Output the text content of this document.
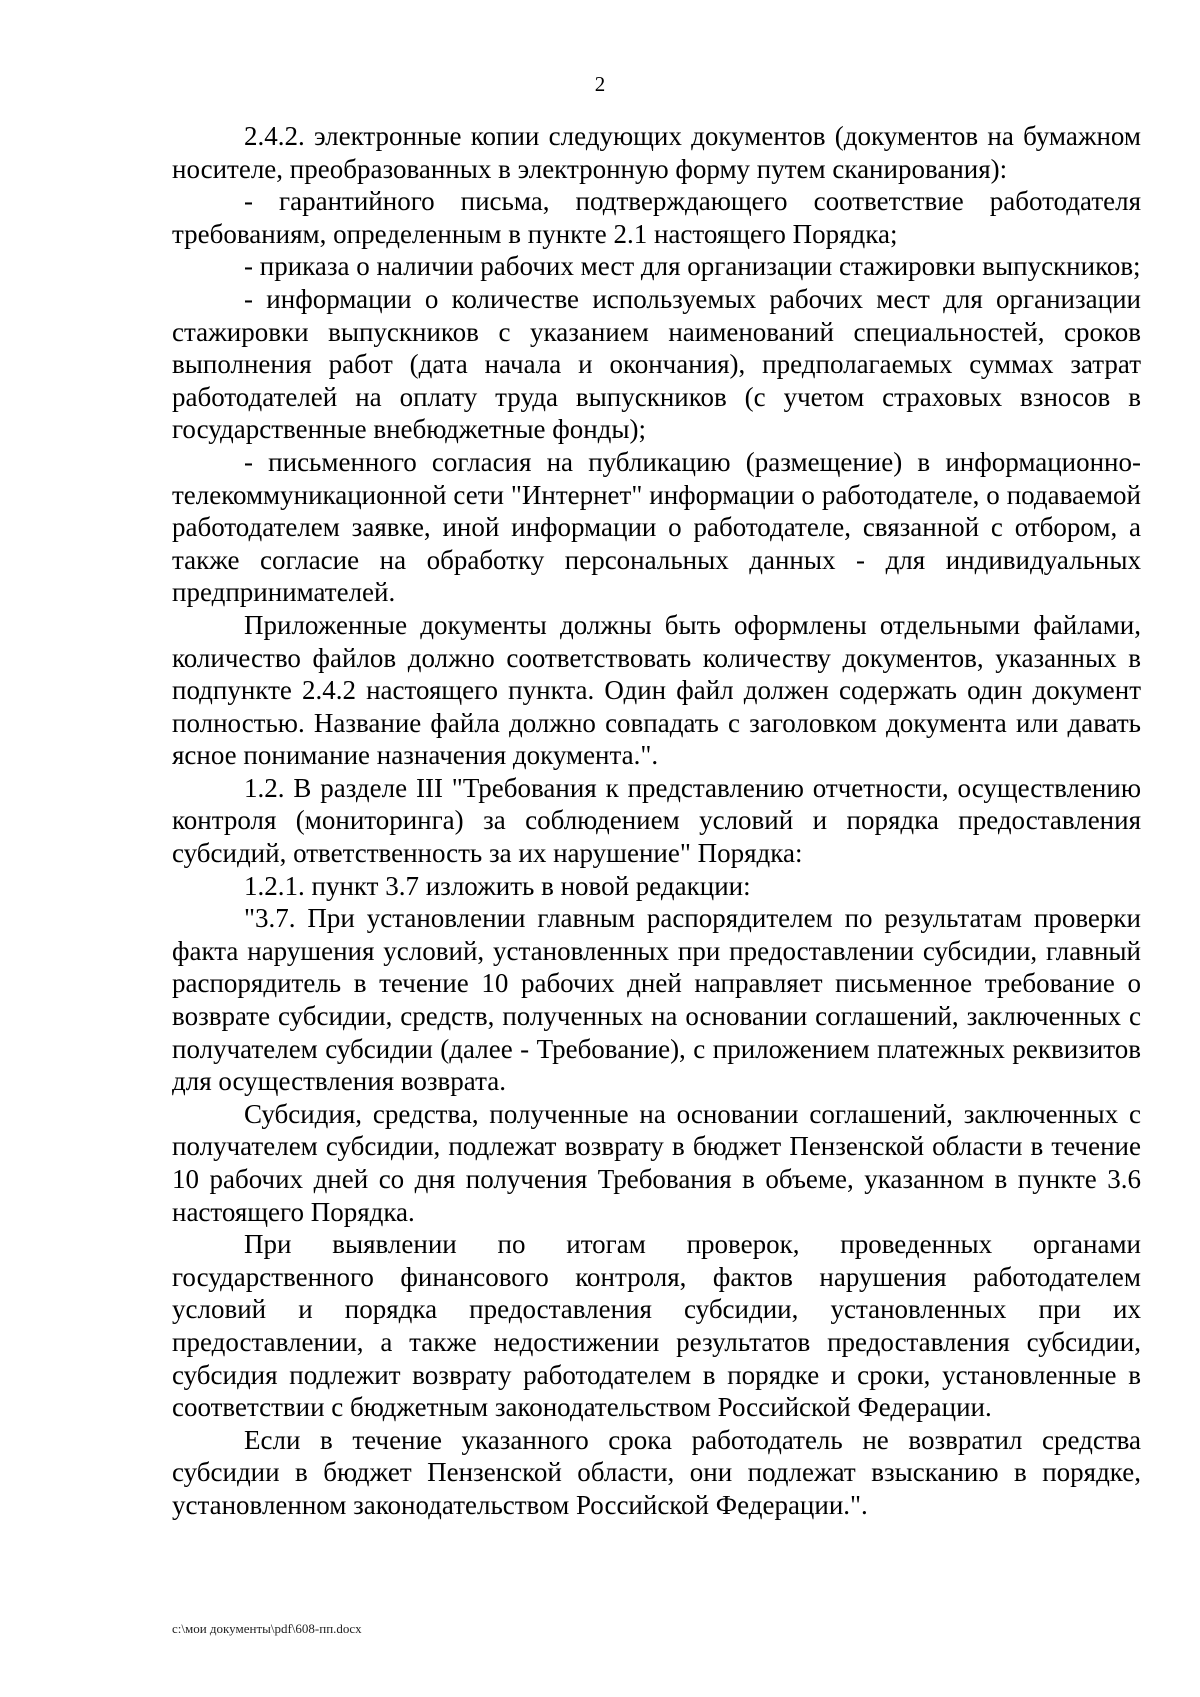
2

2.4.2. электронные копии следующих документов (документов на бумажном носителе, преобразованных в электронную форму путем сканирования):

- гарантийного письма, подтверждающего соответствие работодателя требованиям, определенным в пункте 2.1 настоящего Порядка;

- приказа о наличии рабочих мест для организации стажировки выпускников;

- информации о количестве используемых рабочих мест для организации стажировки выпускников с указанием наименований специальностей, сроков выполнения работ (дата начала и окончания), предполагаемых суммах затрат работодателей на оплату труда выпускников (с учетом страховых взносов в государственные внебюджетные фонды);

- письменного согласия на публикацию (размещение) в информационно-телекоммуникационной сети "Интернет" информации о работодателе, о подаваемой работодателем заявке, иной информации о работодателе, связанной с отбором, а также согласие на обработку персональных данных - для индивидуальных предпринимателей.

Приложенные документы должны быть оформлены отдельными файлами, количество файлов должно соответствовать количеству документов, указанных в подпункте 2.4.2 настоящего пункта. Один файл должен содержать один документ полностью. Название файла должно совпадать с заголовком документа или давать ясное понимание назначения документа.".

1.2. В разделе III "Требования к представлению отчетности, осуществлению контроля (мониторинга) за соблюдением условий и порядка предоставления субсидий, ответственность за их нарушение" Порядка:

1.2.1. пункт 3.7 изложить в новой редакции:

"3.7. При установлении главным распорядителем по результатам проверки факта нарушения условий, установленных при предоставлении субсидии, главный распорядитель в течение 10 рабочих дней направляет письменное требование о возврате субсидии, средств, полученных на основании соглашений, заключенных с получателем субсидии (далее - Требование), с приложением платежных реквизитов для осуществления возврата.

Субсидия, средства, полученные на основании соглашений, заключенных с получателем субсидии, подлежат возврату в бюджет Пензенской области в течение 10 рабочих дней со дня получения Требования в объеме, указанном в пункте 3.6 настоящего Порядка.

При выявлении по итогам проверок, проведенных органами государственного финансового контроля, фактов нарушения работодателем условий и порядка предоставления субсидии, установленных при их предоставлении, а также недостижении результатов предоставления субсидии, субсидия подлежит возврату работодателем в порядке и сроки, установленные в соответствии с бюджетным законодательством Российской Федерации.

Если в течение указанного срока работодатель не возвратил средства субсидии в бюджет Пензенской области, они подлежат взысканию в порядке, установленном законодательством Российской Федерации.".

c:\мои документы\pdf\608-пп.docx
